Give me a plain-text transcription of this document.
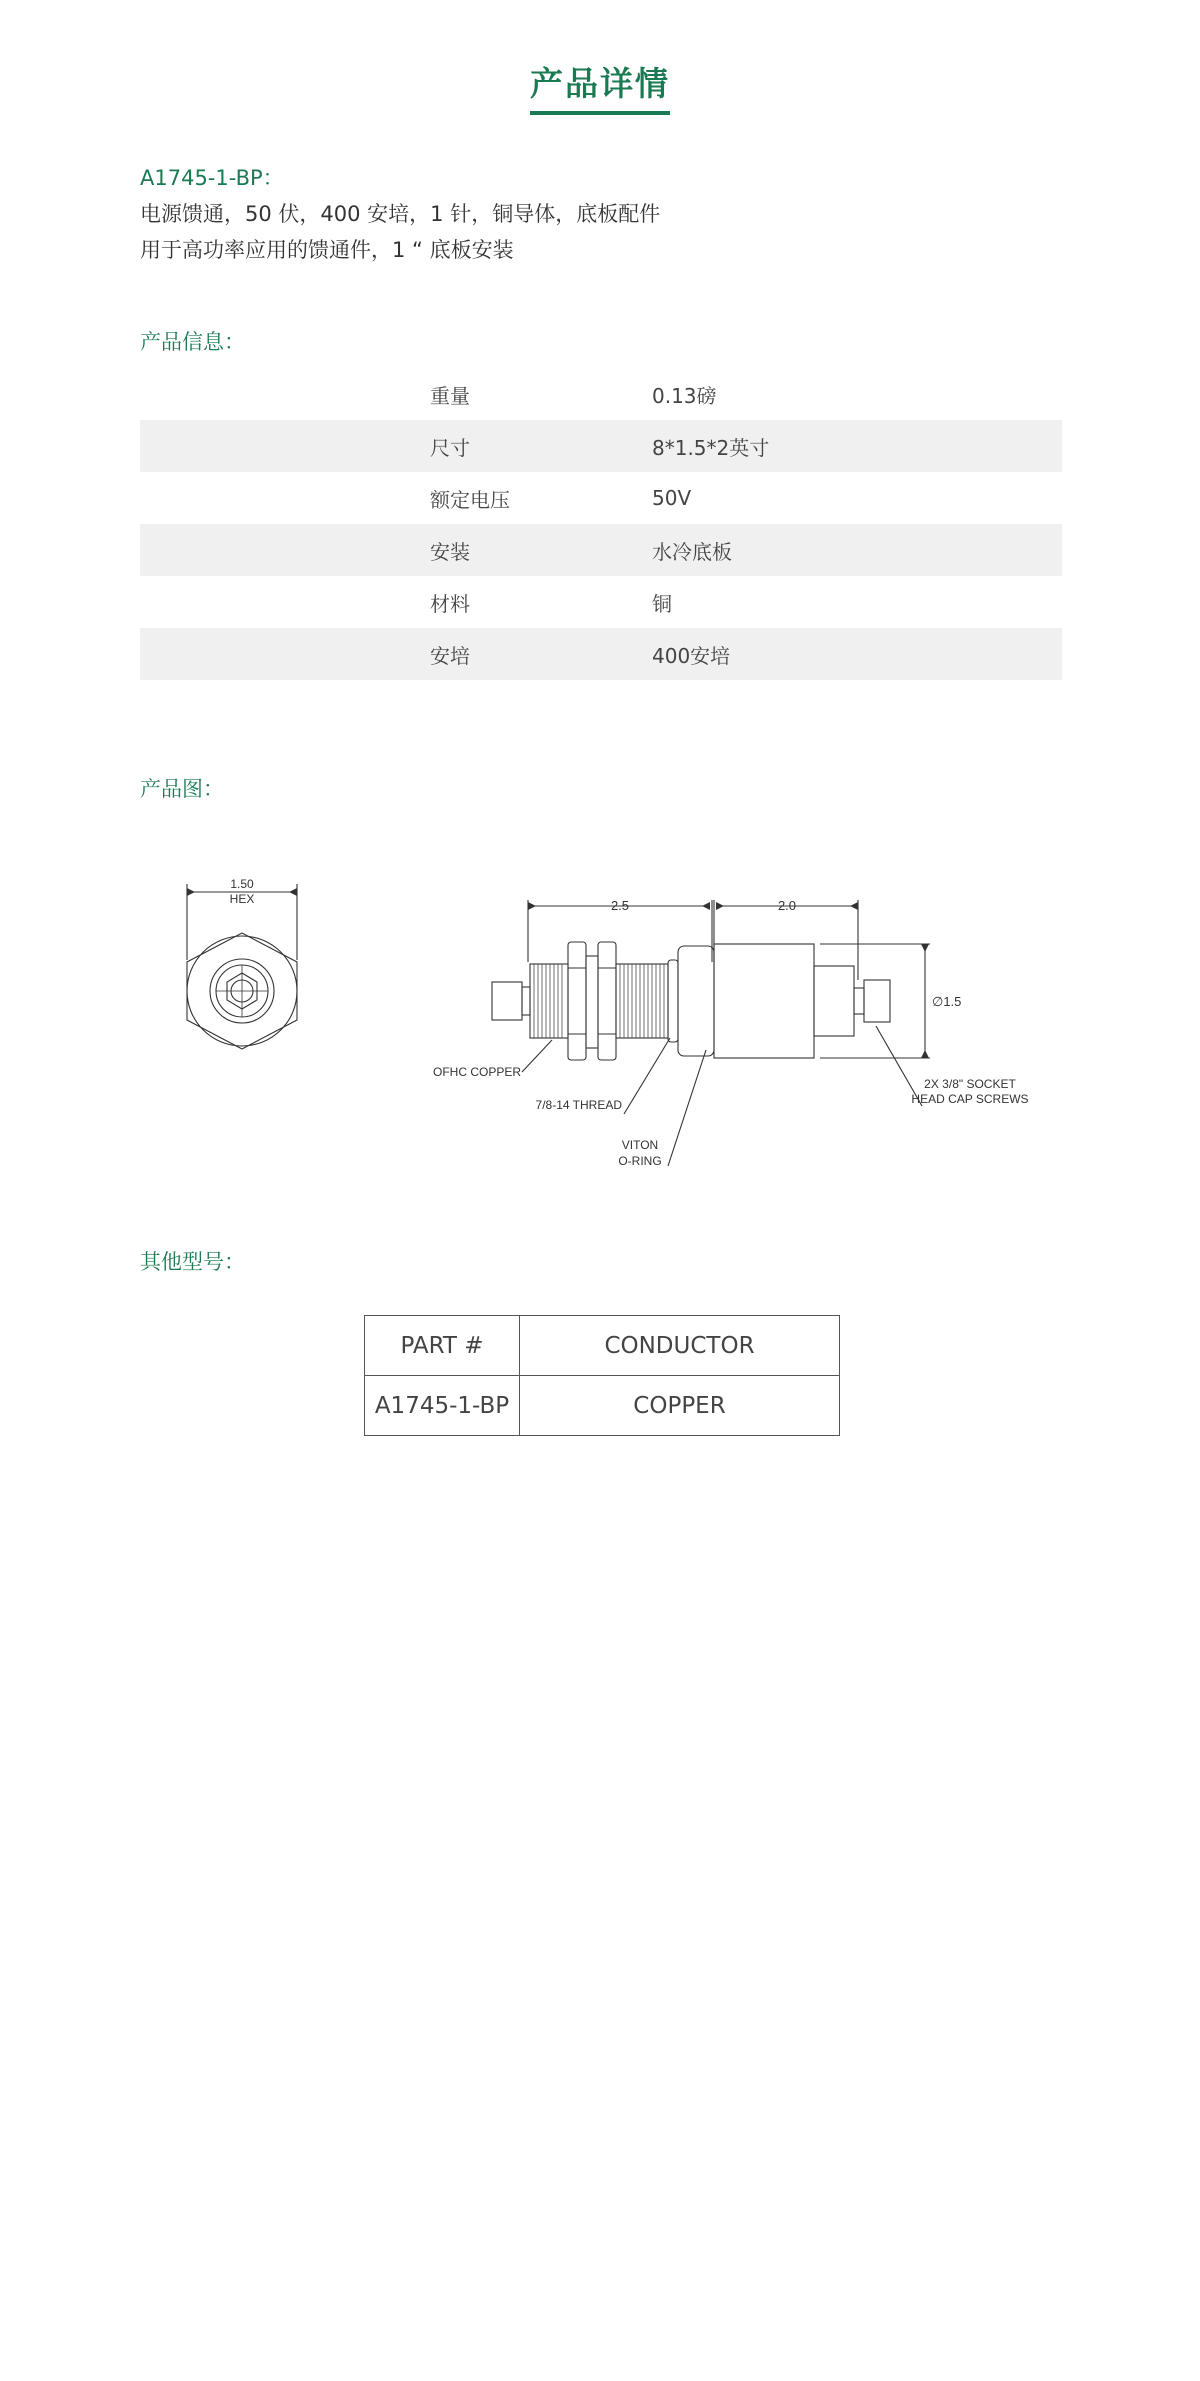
产品详情
A1745-1-BP：
电源馈通，50 伏，400 安培，1 针，铜导体，底板配件
用于高功率应用的馈通件，1 “ 底板安装
产品信息：
重量	0.13磅
尺寸	8*1.5*2英寸
额定电压	50V
安装	水冷底板
材料	铜
安培	400安培
产品图：
1.50
HEX	2.5	2.0
∅1.5
OFHC COPPER
7/8-14 THREAD
VITON
O-RING
2X 3/8" SOCKET
HEAD CAP SCREWS
其他型号：
PART #	CONDUCTOR
A1745-1-BP	COPPER
